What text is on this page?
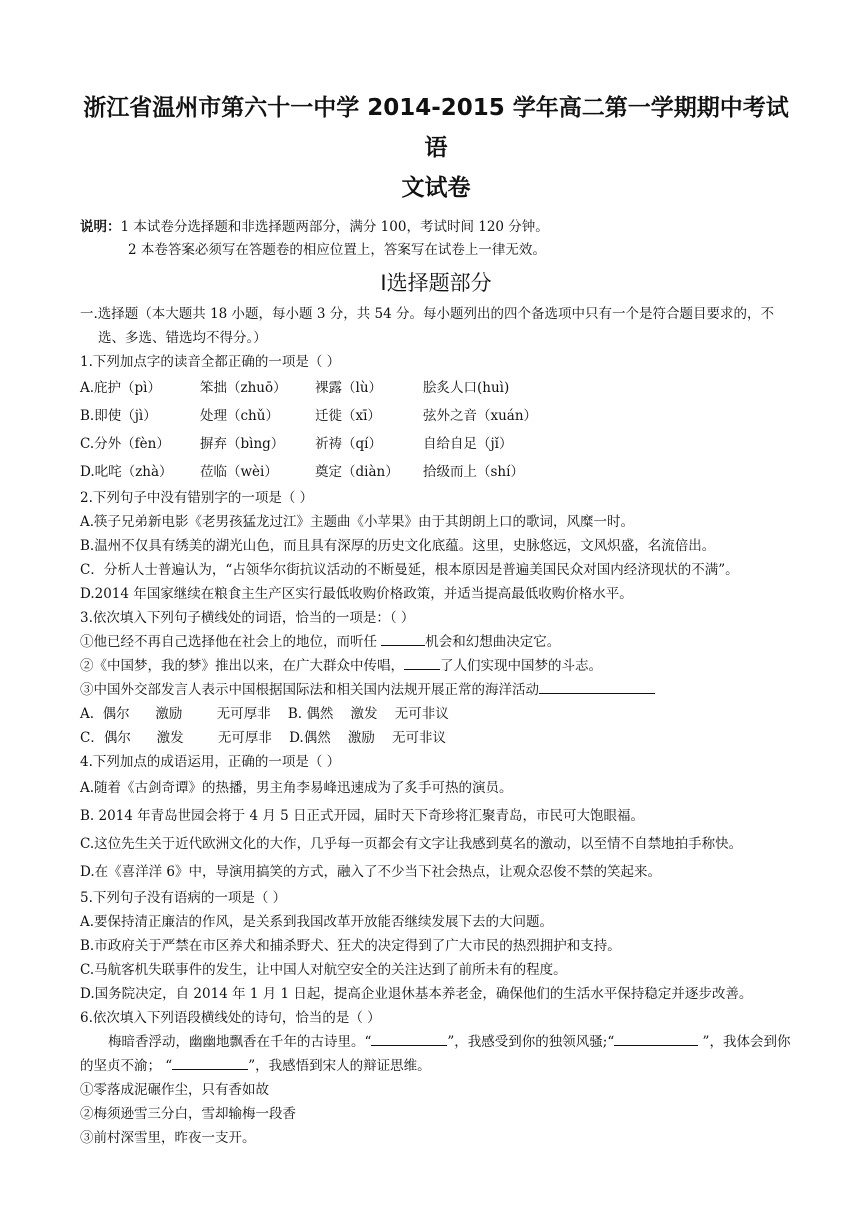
浙江省温州市第六十一中学 2014-2015 学年高二第一学期期中考试语
文试卷
说明：1 本试卷分选择题和非选择题两部分，满分 100，考试时间 120 分钟。
2 本卷答案必须写在答题卷的相应位置上，答案写在试卷上一律无效。
Ⅰ选择题部分
一.选择题（本大题共 18 小题，每小题 3 分，共 54 分。每小题列出的四个备选项中只有一个是符合题目要求的，不选、多选、错选均不得分。）
1.下列加点字的读音全都正确的一项是（ ）
A.庇护（pì）	笨拙（zhuō）	裸露（lù）	脍炙人口(huì)
B.即使（jì）	处理（chǔ）	迁徙（xī）	弦外之音（xuán）
C.分外（fèn）	摒弃（bìng）	祈祷（qí）	自给自足（jǐ）
D.叱咤（zhà）	莅临（wèi）	奠定（diàn）	拾级而上（shí）
2.下列句子中没有错别字的一项是（ ）
A.筷子兄弟新电影《老男孩猛龙过江》主题曲《小苹果》由于其朗朗上口的歌词，风糜一时。
B.温州不仅具有绣美的湖光山色，而且具有深厚的历史文化底蕴。这里，史脉悠远，文风炽盛，名流倍出。
C．分析人士普遍认为，“占领华尔街抗议活动的不断曼延，根本原因是普遍美国民众对国内经济现状的不满”。
D.2014 年国家继续在粮食主生产区实行最低收购价格政策，并适当提高最低收购价格水平。
3.依次填入下列句子横线处的词语，恰当的一项是：（ ）
①他已经不再自己选择他在社会上的地位，而听任	机会和幻想曲决定它。
②《中国梦，我的梦》推出以来，在广大群众中传唱，	了人们实现中国梦的斗志。
③中国外交部发言人表示中国根据国际法和相关国内法规开展正常的海洋活动
A.  偶尔      激励        无可厚非 B. 偶然    激发    无可非议
C．偶尔      激发        无可厚非 D.偶然    激励    无可非议
4.下列加点的成语运用，正确的一项是（ ）
A.随着《古剑奇谭》的热播，男主角李易峰迅速成为了炙手可热的演员。
B. 2014 年青岛世园会将于 4 月 5 日正式开园，届时天下奇珍将汇聚青岛，市民可大饱眼福。
C.这位先生关于近代欧洲文化的大作，几乎每一页都会有文字让我感到莫名的激动，以至情不自禁地拍手称快。
D.在《喜洋洋 6》中，导演用搞笑的方式，融入了不少当下社会热点，让观众忍俊不禁的笑起来。
5.下列句子没有语病的一项是（ ）
A.要保持清正廉洁的作风，是关系到我国改革开放能否继续发展下去的大问题。
B.市政府关于严禁在市区养犬和捕杀野犬、狂犬的决定得到了广大市民的热烈拥护和支持。
C.马航客机失联事件的发生，让中国人对航空安全的关注达到了前所未有的程度。
D.国务院决定，自 2014 年 1 月 1 日起，提高企业退休基本养老金，确保他们的生活水平保持稳定并逐步改善。
6.依次填入下列语段横线处的诗句，恰当的是（ ）
梅暗香浮动，幽幽地飘香在千年的古诗里。“	”，我感受到你的独领风骚;“	”，我体会到你的坚贞不渝； “	”，我感悟到宋人的辩证思维。
①零落成泥碾作尘，只有香如故
②梅须逊雪三分白，雪却输梅一段香
③前村深雪里，昨夜一支开。
